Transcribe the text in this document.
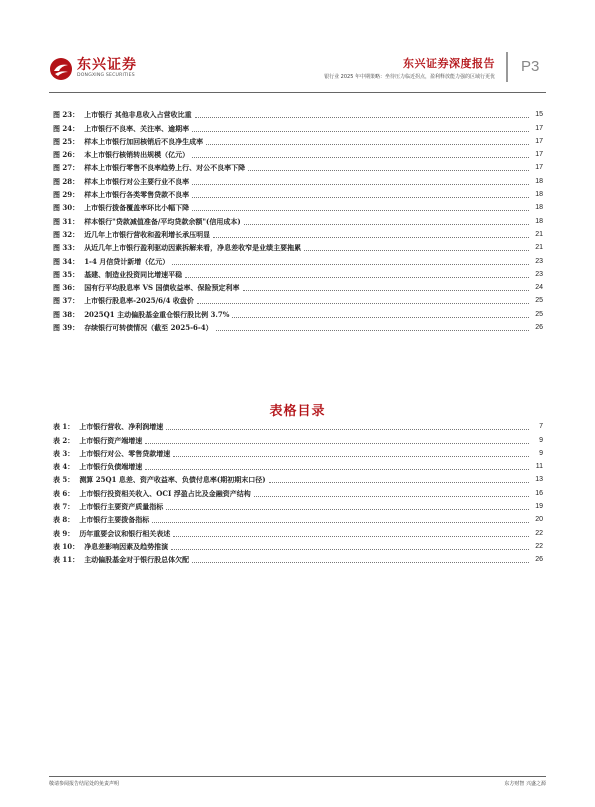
东兴证券
DONGXING SECURITIES
东兴证券深度报告
银行业 2025 年中期策略：坐待压力临近拐点，盈利释放能力强的区域行更优
P3
图 23： 上市银行 其他非息收入占营收比重	15
图 24： 上市银行不良率、关注率、逾期率	17
图 25： 样本上市银行加回核销后不良净生成率	17
图 26： 本上市银行核销转出规模（亿元）	17
图 27： 样本上市银行零售不良率趋势上行、对公不良率下降	17
图 28： 样本上市银行对公主要行业不良率	18
图 29： 样本上市银行各类零售贷款不良率	18
图 30： 上市银行拨备覆盖率环比小幅下降	18
图 31： 样本银行"贷款减值准备/平均贷款余额"(信用成本)	18
图 32： 近几年上市银行营收和盈利增长承压明显	21
图 33： 从近几年上市银行盈利驱动因素拆解来看，净息差收窄是业绩主要拖累	21
图 34： 1-4 月信贷计新增（亿元）	23
图 35： 基建、制造业投资同比增速平稳	23
图 36： 国有行平均股息率 VS 国债收益率、保险预定利率	24
图 37： 上市银行股息率-2025/6/4 收盘价	25
图 38： 2025Q1 主动偏股基金重仓银行股比例 3.7%	25
图 39： 存续银行可转债情况（截至 2025-6-4）	26
表格目录
表 1： 上市银行营收、净利润增速	7
表 2： 上市银行资产端增速	9
表 3： 上市银行对公、零售贷款增速	9
表 4： 上市银行负债端增速	11
表 5： 测算 25Q1 息差、资产收益率、负债付息率(期初期末口径)	13
表 6： 上市银行投资相关收入、OCI 浮盈占比及金融资产结构	16
表 7： 上市银行主要资产质量指标	19
表 8： 上市银行主要拨备指标	20
表 9： 历年重要会议和银行相关表述	22
表 10： 净息差影响因素及趋势推演	22
表 11： 主动偏股基金对于银行股总体欠配	26
敬请参阅报告结尾处的免责声明	东方财智 兴盛之源
